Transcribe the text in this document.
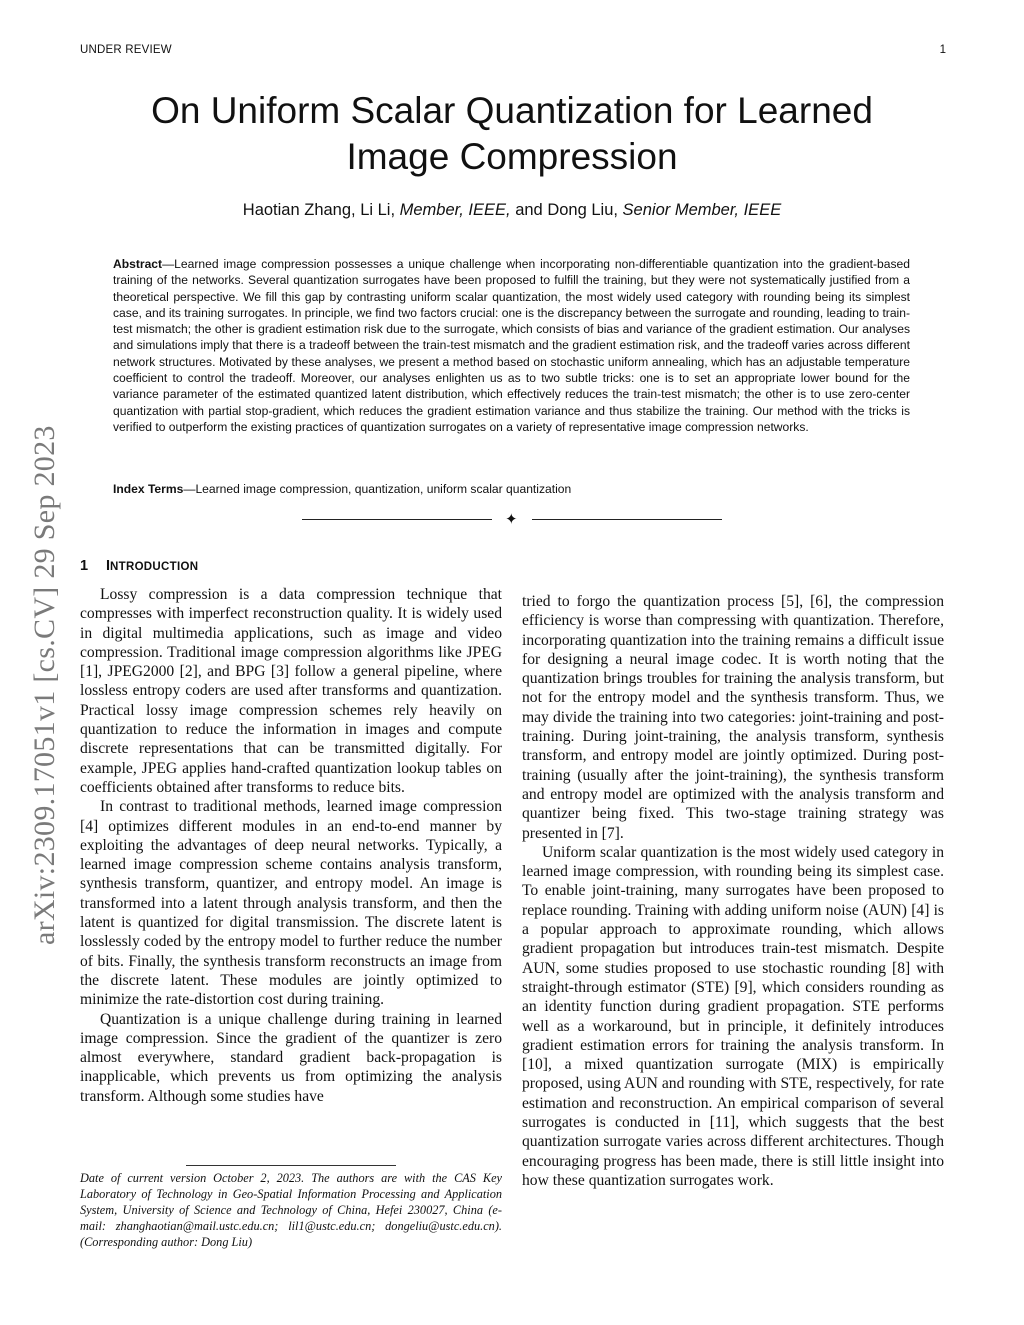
UNDER REVIEW	1
On Uniform Scalar Quantization for Learned
Image Compression
Haotian Zhang, Li Li, Member, IEEE, and Dong Liu, Senior Member, IEEE

Abstract—Learned image compression possesses a unique challenge when incorporating non-differentiable quantization into the gradient-based training of the networks. Several quantization surrogates have been proposed to fulfill the training, but they were not systematically justified from a theoretical perspective. We fill this gap by contrasting uniform scalar quantization, the most widely used category with rounding being its simplest case, and its training surrogates. In principle, we find two factors crucial: one is the discrepancy between the surrogate and rounding, leading to train-test mismatch; the other is gradient estimation risk due to the surrogate, which consists of bias and variance of the gradient estimation. Our analyses and simulations imply that there is a tradeoff between the train-test mismatch and the gradient estimation risk, and the tradeoff varies across different network structures. Motivated by these analyses, we present a method based on stochastic uniform annealing, which has an adjustable temperature coefficient to control the tradeoff. Moreover, our analyses enlighten us as to two subtle tricks: one is to set an appropriate lower bound for the variance parameter of the estimated quantized latent distribution, which effectively reduces the train-test mismatch; the other is to use zero-center quantization with partial stop-gradient, which reduces the gradient estimation variance and thus stabilize the training. Our method with the tricks is verified to outperform the existing practices of quantization surrogates on a variety of representative image compression networks.

Index Terms—Learned image compression, quantization, uniform scalar quantization
✦
arXiv:2309.17051v1 [cs.CV] 29 Sep 2023 1 INTRODUCTION

Lossy compression is a data compression technique that compresses with imperfect reconstruction quality. It is widely used in digital multimedia applications, such as image and video compression. Traditional image compression algorithms like JPEG [1], JPEG2000 [2], and BPG [3] follow a general pipeline, where lossless entropy coders are used after transforms and quantization. Practical lossy image compression schemes rely heavily on quantization to reduce the information in images and compute discrete representations that can be transmitted digitally. For example, JPEG applies hand-crafted quantization lookup tables on coefficients obtained after transforms to reduce bits.

In contrast to traditional methods, learned image compression [4] optimizes different modules in an end-to-end manner by exploiting the advantages of deep neural networks. Typically, a learned image compression scheme contains analysis transform, synthesis transform, quantizer, and entropy model. An image is transformed into a latent through analysis transform, and then the latent is quantized for digital transmission. The discrete latent is losslessly coded by the entropy model to further reduce the number of bits. Finally, the synthesis transform reconstructs an image from the discrete latent. These modules are jointly optimized to minimize the rate-distortion cost during training.

Quantization is a unique challenge during training in learned image compression. Since the gradient of the quantizer is zero almost everywhere, standard gradient back-propagation is inapplicable, which prevents us from optimizing the analysis transform. Although some studies have

Date of current version October 2, 2023. The authors are with the CAS Key Laboratory of Technology in Geo-Spatial Information Processing and Application System, University of Science and Technology of China, Hefei 230027, China (e-mail: zhanghaotian@mail.ustc.edu.cn; lil1@ustc.edu.cn; dongeliu@ustc.edu.cn). (Corresponding author: Dong Liu)

tried to forgo the quantization process [5], [6], the compression efficiency is worse than compressing with quantization. Therefore, incorporating quantization into the training remains a difficult issue for designing a neural image codec. It is worth noting that the quantization brings troubles for training the analysis transform, but not for the entropy model and the synthesis transform. Thus, we may divide the training into two categories: joint-training and post-training. During joint-training, the analysis transform, synthesis transform, and entropy model are jointly optimized. During post-training (usually after the joint-training), the synthesis transform and entropy model are optimized with the analysis transform and quantizer being fixed. This two-stage training strategy was presented in [7].

Uniform scalar quantization is the most widely used category in learned image compression, with rounding being its simplest case. To enable joint-training, many surrogates have been proposed to replace rounding. Training with adding uniform noise (AUN) [4] is a popular approach to approximate rounding, which allows gradient propagation but introduces train-test mismatch. Despite AUN, some studies proposed to use stochastic rounding [8] with straight-through estimator (STE) [9], which considers rounding as an identity function during gradient propagation. STE performs well as a workaround, but in principle, it definitely introduces gradient estimation errors for training the analysis transform. In [10], a mixed quantization surrogate (MIX) is empirically proposed, using AUN and rounding with STE, respectively, for rate estimation and reconstruction. An empirical comparison of several surrogates is conducted in [11], which suggests that the best quantization surrogate varies across different architectures. Though encouraging progress has been made, there is still little insight into how these quantization surrogates work.
